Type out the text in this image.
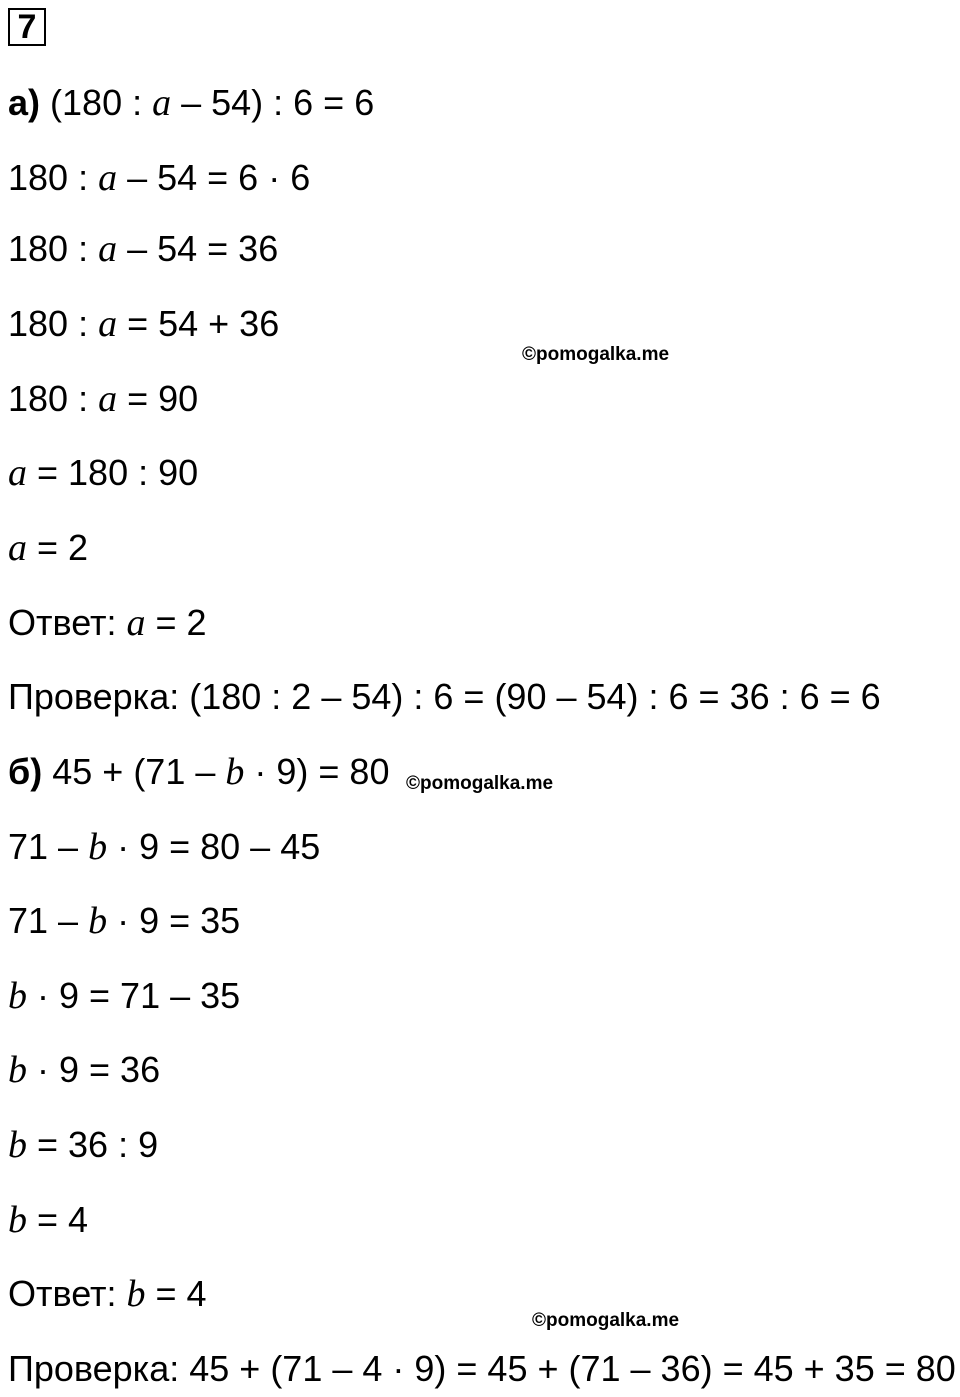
7
а) (180 : a – 54) : 6 = 6
180 : a – 54 = 6 · 6
180 : a – 54 = 36
180 : a = 54 + 36
180 : a = 90
a = 180 : 90
a = 2
Ответ: a = 2
Проверка: (180 : 2 – 54) : 6 = (90 – 54) : 6 = 36 : 6 = 6
б) 45 + (71 – b · 9) = 80
71 – b · 9 = 80 – 45
71 – b · 9 = 35
b · 9 = 71 – 35
b · 9 = 36
b = 36 : 9
b = 4
Ответ: b = 4
Проверка: 45 + (71 – 4 · 9) = 45 + (71 – 36) = 45 + 35 = 80
©pomogalka.me
©pomogalka.me
©pomogalka.me
